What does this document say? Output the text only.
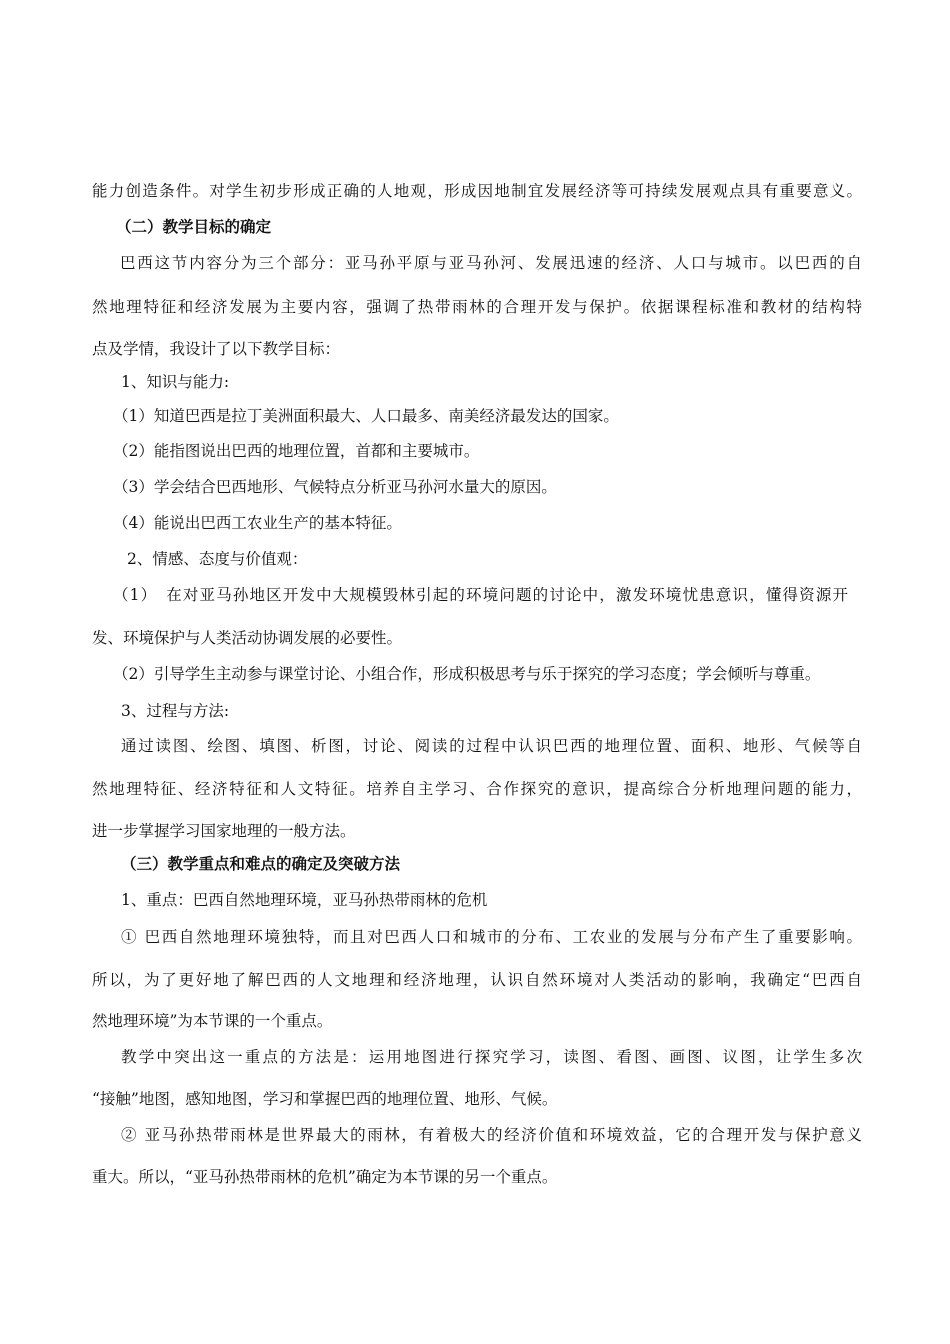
能力创造条件。对学生初步形成正确的人地观，形成因地制宜发展经济等可持续发展观点具有重要意义。
（二）教学目标的确定
巴西这节内容分为三个部分：亚马孙平原与亚马孙河、发展迅速的经济、人口与城市。以巴西的自
然地理特征和经济发展为主要内容，强调了热带雨林的合理开发与保护。依据课程标准和教材的结构特
点及学情，我设计了以下教学目标：
1、知识与能力:
（1）知道巴西是拉丁美洲面积最大、人口最多、南美经济最发达的国家。
（2）能指图说出巴西的地理位置，首都和主要城市。
（3）学会结合巴西地形、气候特点分析亚马孙河水量大的原因。
（4）能说出巴西工农业生产的基本特征。
2、情感、态度与价值观：
（1）　在对亚马孙地区开发中大规模毁林引起的环境问题的讨论中，激发环境忧患意识，懂得资源开
发、环境保护与人类活动协调发展的必要性。
（2）引导学生主动参与课堂讨论、小组合作，形成积极思考与乐于探究的学习态度；学会倾听与尊重。
3、过程与方法:
通过读图、绘图、填图、析图，讨论、阅读的过程中认识巴西的地理位置、面积、地形、气候等自
然地理特征、经济特征和人文特征。培养自主学习、合作探究的意识，提高综合分析地理问题的能力，
进一步掌握学习国家地理的一般方法。
（三）教学重点和难点的确定及突破方法
1、重点：巴西自然地理环境，亚马孙热带雨林的危机
① 巴西自然地理环境独特，而且对巴西人口和城市的分布、工农业的发展与分布产生了重要影响。
所以，为了更好地了解巴西的人文地理和经济地理，认识自然环境对人类活动的影响，我确定“巴西自
然地理环境”为本节课的一个重点。
教学中突出这一重点的方法是：运用地图进行探究学习，读图、看图、画图、议图，让学生多次
“接触”地图，感知地图，学习和掌握巴西的地理位置、地形、气候。
② 亚马孙热带雨林是世界最大的雨林，有着极大的经济价值和环境效益，它的合理开发与保护意义
重大。所以，“亚马孙热带雨林的危机”确定为本节课的另一个重点。
